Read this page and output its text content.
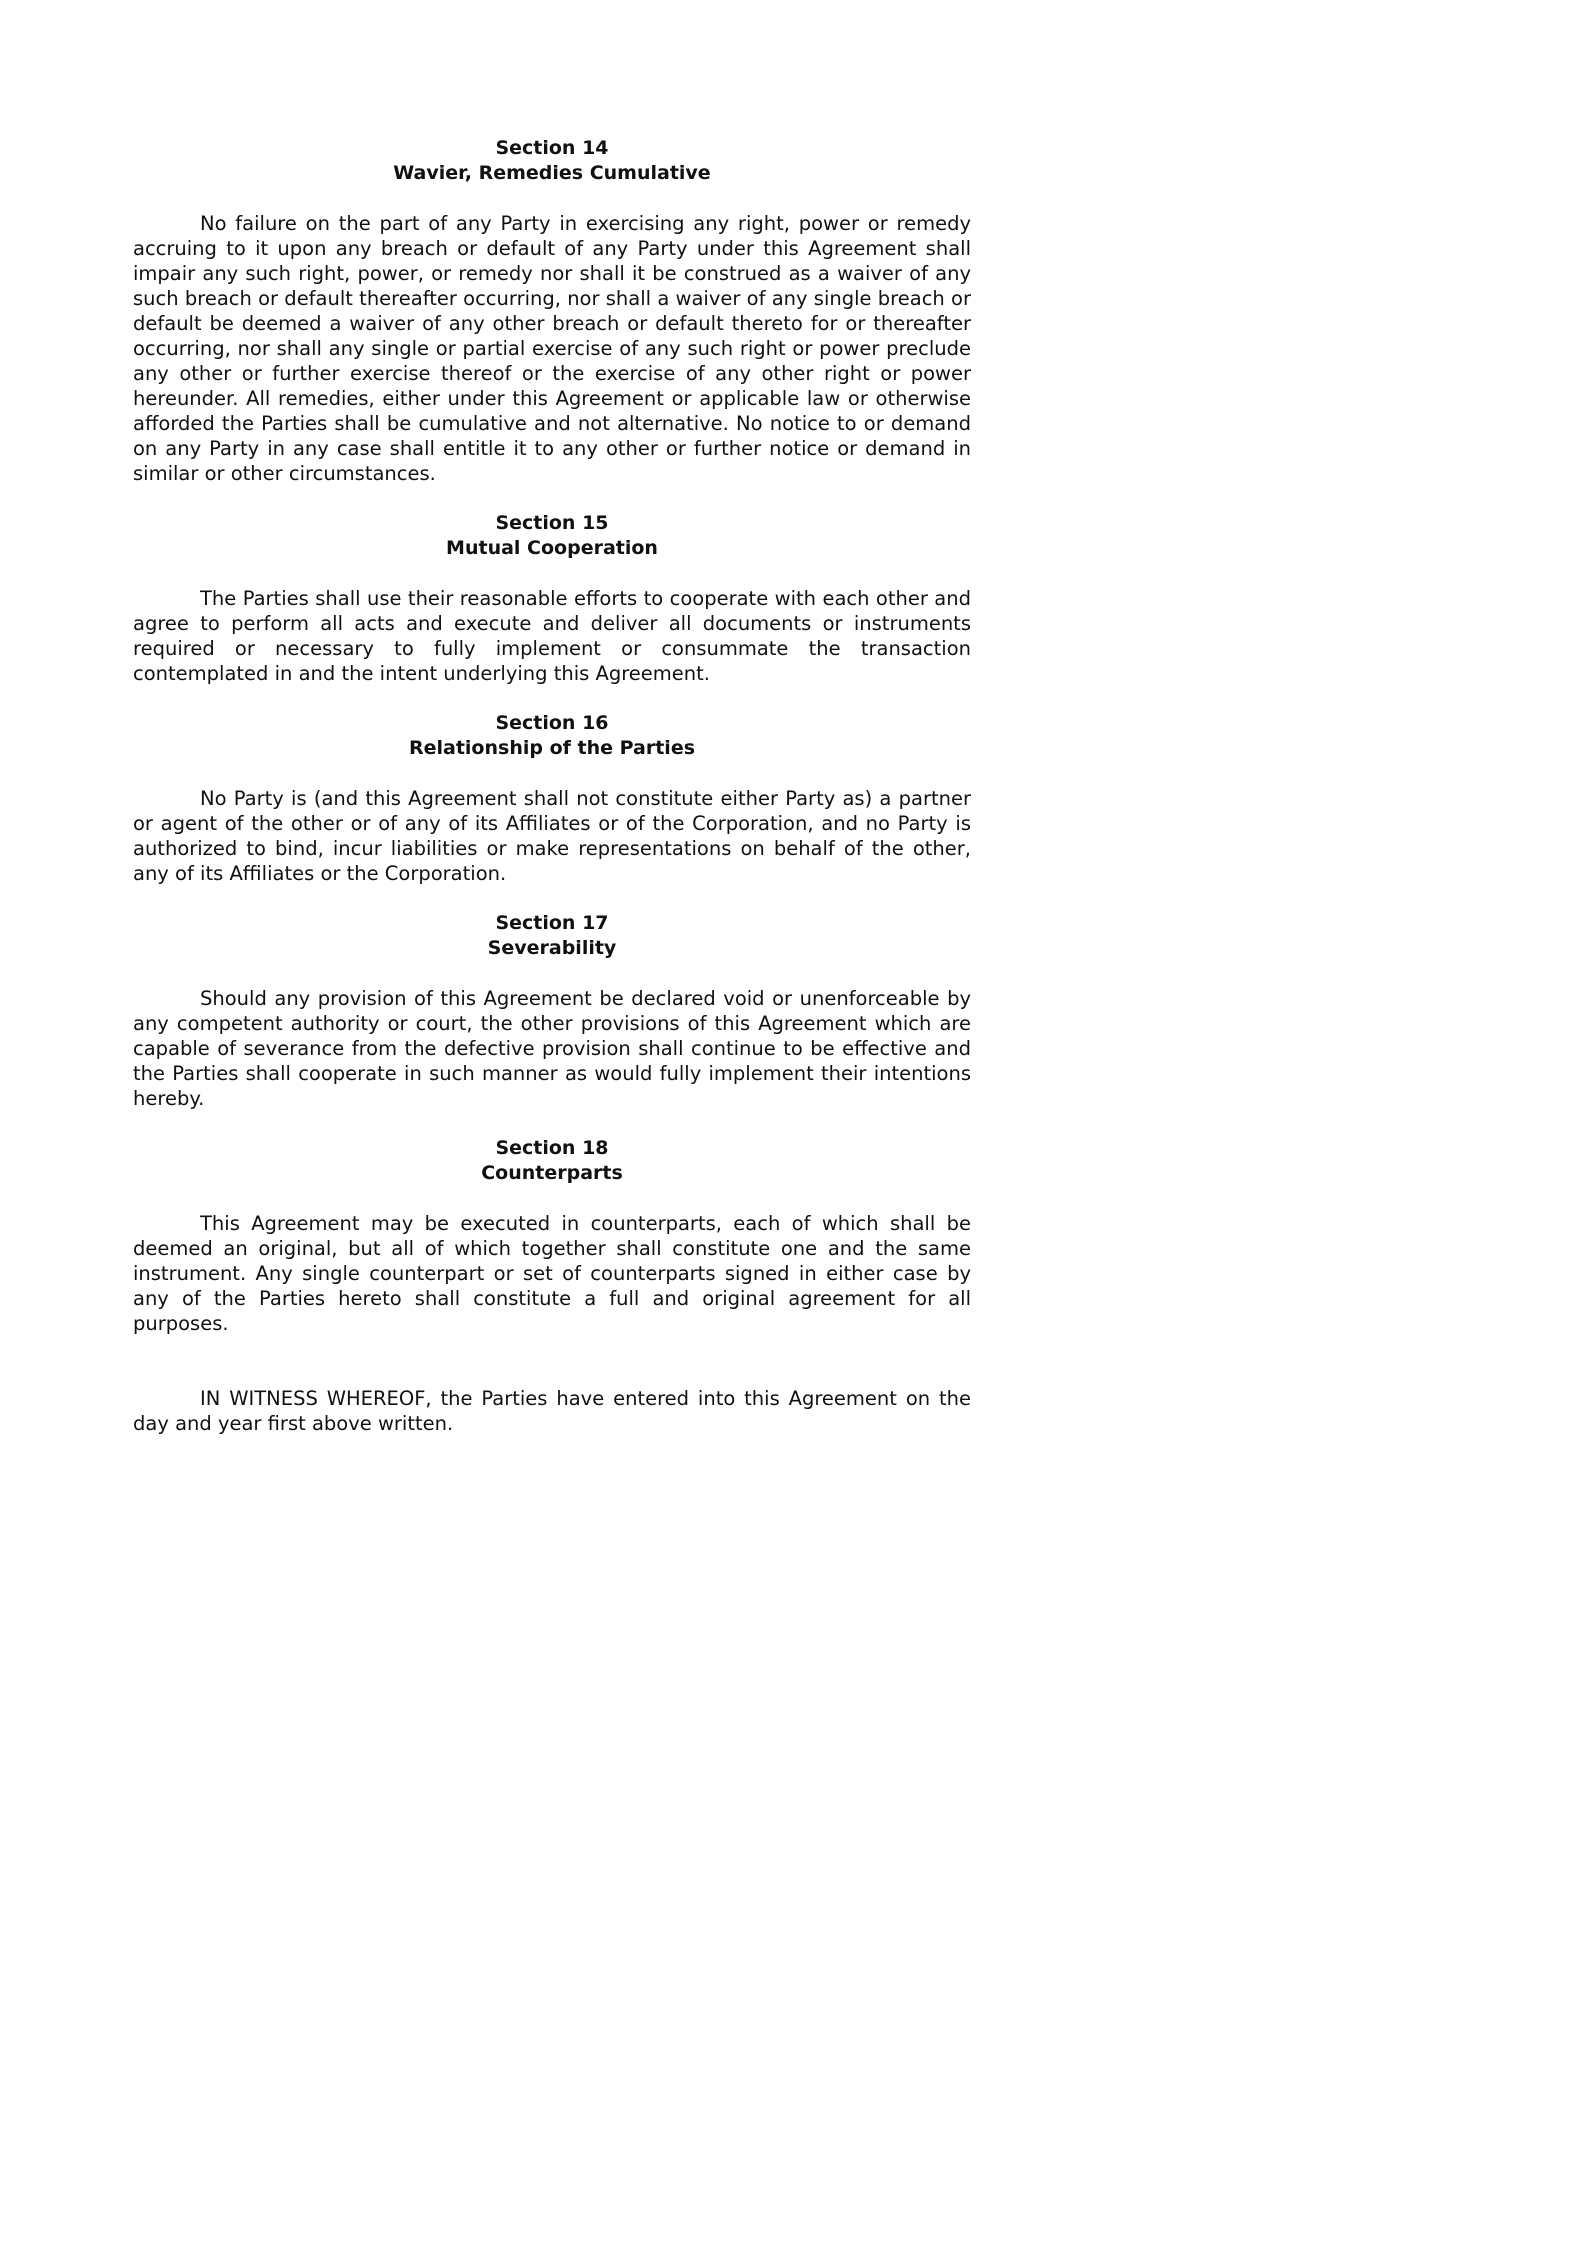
Section 14

Wavier, Remedies Cumulative

No failure on the part of any Party in exercising any right, power or remedy accruing to it upon any breach or default of any Party under this Agreement shall impair any such right, power, or remedy nor shall it be construed as a waiver of any such breach or default thereafter occurring, nor shall a waiver of any single breach or default be deemed a waiver of any other breach or default thereto for or thereafter occurring, nor shall any single or partial exercise of any such right or power preclude any other or further exercise thereof or the exercise of any other right or power hereunder. All remedies, either under this Agreement or applicable law or otherwise afforded the Parties shall be cumulative and not alternative. No notice to or demand on any Party in any case shall entitle it to any other or further notice or demand in similar or other circumstances.

Section 15

Mutual Cooperation

The Parties shall use their reasonable efforts to cooperate with each other and agree to perform all acts and execute and deliver all documents or instruments required or necessary to fully implement or consummate the transaction contemplated in and the intent underlying this Agreement.

Section 16

Relationship of the Parties

No Party is (and this Agreement shall not constitute either Party as) a partner or agent of the other or of any of its Affiliates or of the Corporation, and no Party is authorized to bind, incur liabilities or make representations on behalf of the other, any of its Affiliates or the Corporation.

Section 17

Severability

Should any provision of this Agreement be declared void or unenforceable by any competent authority or court, the other provisions of this Agreement which are capable of severance from the defective provision shall continue to be effective and the Parties shall cooperate in such manner as would fully implement their intentions hereby.

Section 18

Counterparts

This Agreement may be executed in counterparts, each of which shall be deemed an original, but all of which together shall constitute one and the same instrument. Any single counterpart or set of counterparts signed in either case by any of the Parties hereto shall constitute a full and original agreement for all purposes.

IN WITNESS WHEREOF, the Parties have entered into this Agreement on the day and year first above written.
